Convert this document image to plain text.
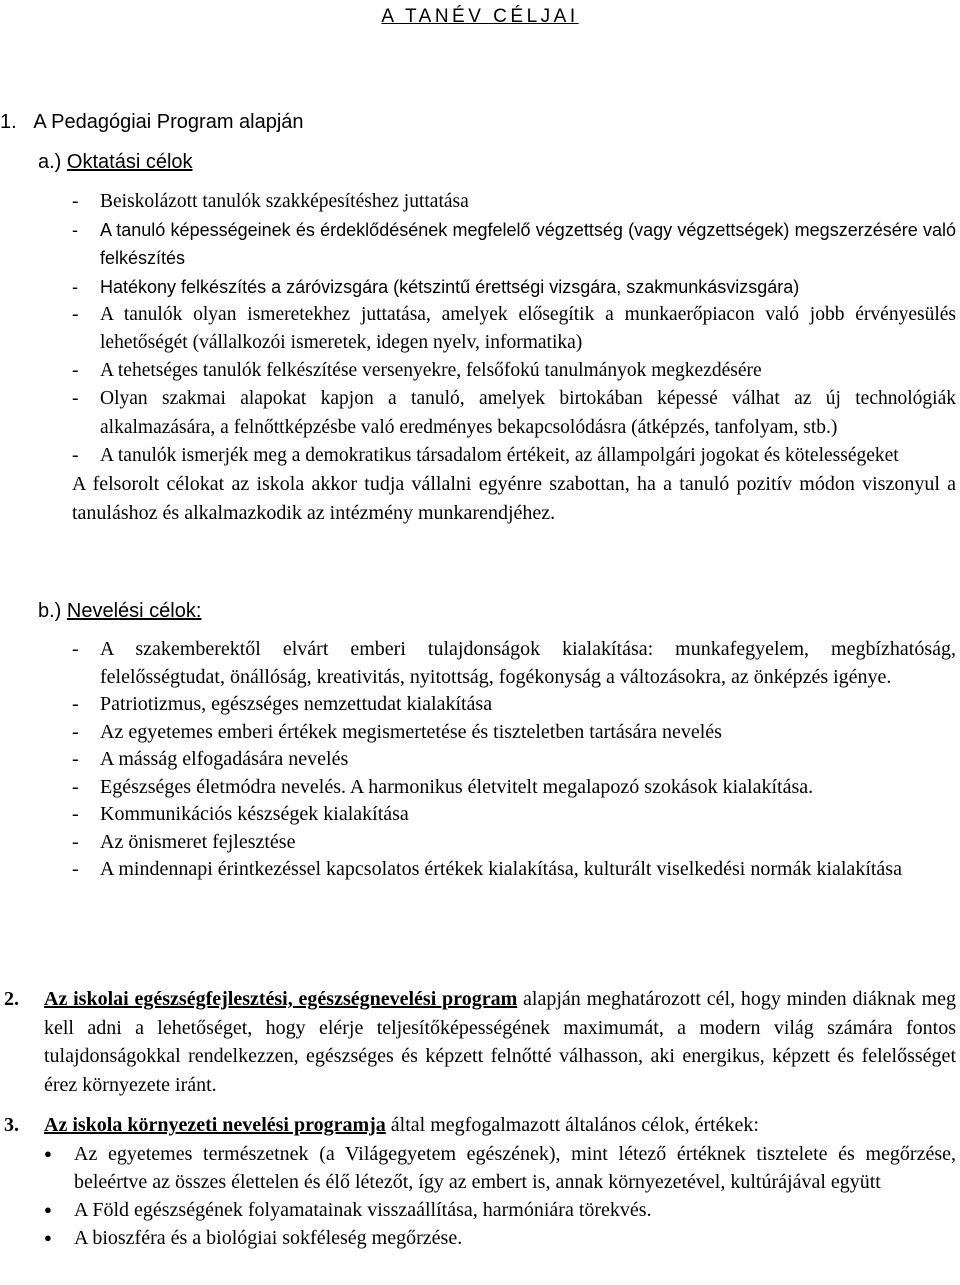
A TANÉV CÉLJAI
1. A Pedagógiai Program alapján
a.) Oktatási célok
- Beiskolázott tanulók szakképesítéshez juttatása
- A tanuló képességeinek és érdeklődésének megfelelő végzettség (vagy végzettségek) megszerzésére való felkészítés
- Hatékony felkészítés a záróvizsgára (kétszintű érettségi vizsgára, szakmunkásvizsgára)
- A tanulók olyan ismeretekhez juttatása, amelyek elősegítik a munkaerőpiacon való jobb érvényesülés lehetőségét (vállalkozói ismeretek, idegen nyelv, informatika)
- A tehetséges tanulók felkészítése versenyekre, felsőfokú tanulmányok megkezdésére
- Olyan szakmai alapokat kapjon a tanuló, amelyek birtokában képessé válhat az új technológiák alkalmazására, a felnőttképzésbe való eredményes bekapcsolódásra (átképzés, tanfolyam, stb.)
- A tanulók ismerjék meg a demokratikus társadalom értékeit, az állampolgári jogokat és kötelességeket
A felsorolt célokat az iskola akkor tudja vállalni egyénre szabottan, ha a tanuló pozitív módon viszonyul a tanuláshoz és alkalmazkodik az intézmény munkarendjéhez.
b.) Nevelési célok:
- A szakemberektől elvárt emberi tulajdonságok kialakítása: munkafegyelem, megbízhatóság, felelősségtudat, önállóság, kreativitás, nyitottság, fogékonyság a változásokra, az önképzés igénye.
- Patriotizmus, egészséges nemzettudat kialakítása
- Az egyetemes emberi értékek megismertetése és tiszteletben tartására nevelés
- A másság elfogadására nevelés
- Egészséges életmódra nevelés. A harmonikus életvitelt megalapozó szokások kialakítása.
- Kommunikációs készségek kialakítása
- Az önismeret fejlesztése
- A mindennapi érintkezéssel kapcsolatos értékek kialakítása, kulturált viselkedési normák kialakítása
2. Az iskolai egészségfejlesztési, egészségnevelési program alapján meghatározott cél, hogy minden diáknak meg kell adni a lehetőséget, hogy elérje teljesítőképességének maximumát, a modern világ számára fontos tulajdonságokkal rendelkezzen, egészséges és képzett felnőtté válhasson, aki energikus, képzett és felelősséget érez környezete iránt.
3. Az iskola környezeti nevelési programja által megfogalmazott általános célok, értékek:
● Az egyetemes természetnek (a Világegyetem egészének), mint létező értéknek tisztelete és megőrzése, beleértve az összes élettelen és élő létezőt, így az embert is, annak környezetével, kultúrájával együtt
● A Föld egészségének folyamatainak visszaállítása, harmóniára törekvés.
● A bioszféra és a biológiai sokféleség megőrzése.
